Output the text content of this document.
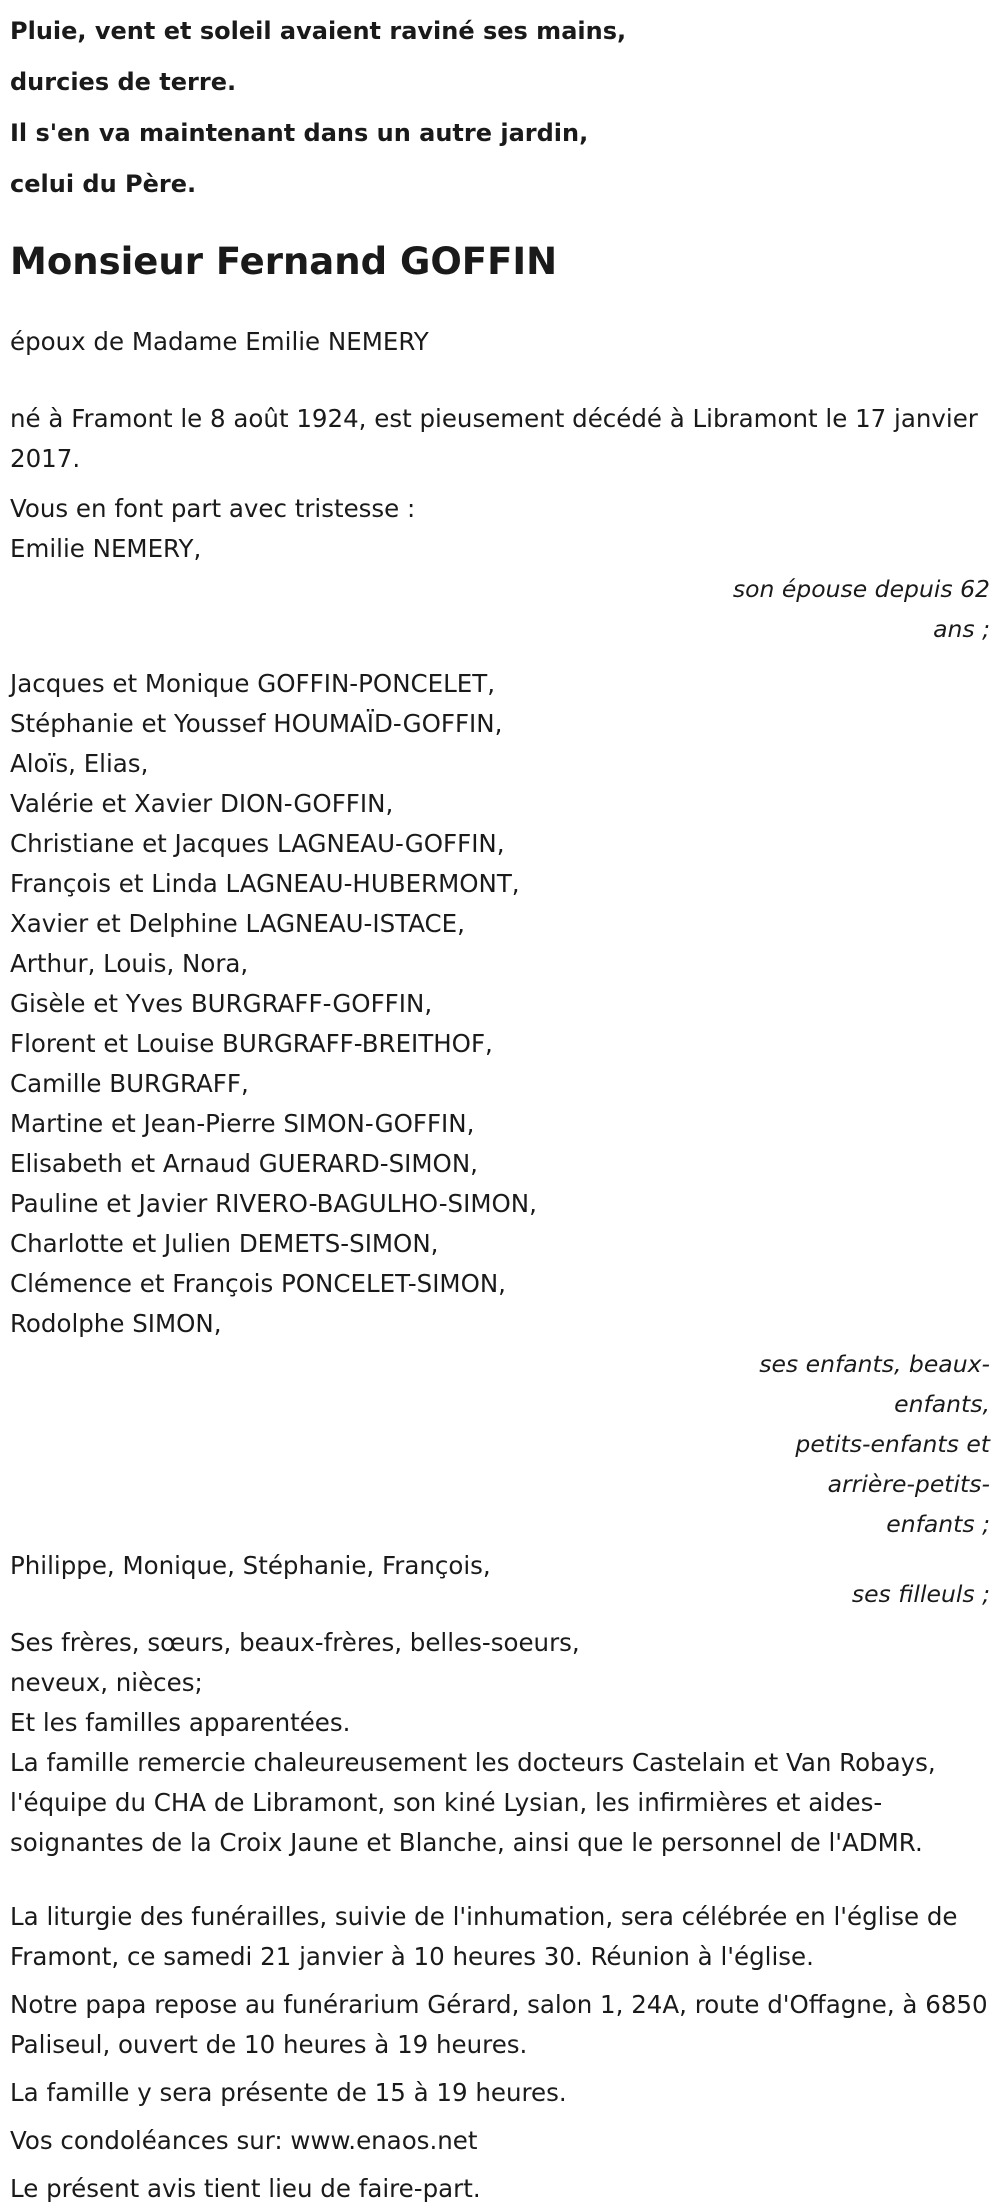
Pluie, vent et soleil avaient raviné ses mains,
durcies de terre.
Il s'en va maintenant dans un autre jardin,
celui du Père.
Monsieur Fernand GOFFIN

époux de Madame Emilie NEMERY

né à Framont le 8 août 1924, est pieusement décédé à Libramont le 17 janvier 2017.

Vous en font part avec tristesse :

Emilie NEMERY,

son épouse depuis 62 ans ;
Jacques et Monique GOFFIN-PONCELET,
Stéphanie et Youssef HOUMAÏD-GOFFIN,
Aloïs, Elias,
Valérie et Xavier DION-GOFFIN,
Christiane et Jacques LAGNEAU-GOFFIN,
François et Linda LAGNEAU-HUBERMONT,
Xavier et Delphine LAGNEAU-ISTACE,
Arthur, Louis, Nora,
Gisèle et Yves BURGRAFF-GOFFIN,
Florent et Louise BURGRAFF-BREITHOF,
Camille BURGRAFF,
Martine et Jean-Pierre SIMON-GOFFIN,
Elisabeth et Arnaud GUERARD-SIMON,
Pauline et Javier RIVERO-BAGULHO-SIMON,
Charlotte et Julien DEMETS-SIMON,
Clémence et François PONCELET-SIMON,
Rodolphe SIMON,
ses enfants, beaux-enfants,
petits-enfants et
arrière-petits-
enfants ;

Philippe, Monique, Stéphanie, François,

ses filleuls ;
Ses frères, sœurs, beaux-frères, belles-soeurs,
neveux, nièces;
Et les familles apparentées.

La famille remercie chaleureusement les docteurs Castelain et Van Robays, l'équipe du CHA de Libramont, son kiné Lysian, les infirmières et aides-soignantes de la Croix Jaune et Blanche, ainsi que le personnel de l'ADMR.

La liturgie des funérailles, suivie de l'inhumation, sera célébrée en l'église de Framont, ce samedi 21 janvier à 10 heures 30. Réunion à l'église.

Notre papa repose au funérarium Gérard, salon 1, 24A, route d'Offagne, à 6850 Paliseul, ouvert de 10 heures à 19 heures.

La famille y sera présente de 15 à 19 heures.

Vos condoléances sur: www.enaos.net

Le présent avis tient lieu de faire-part.
